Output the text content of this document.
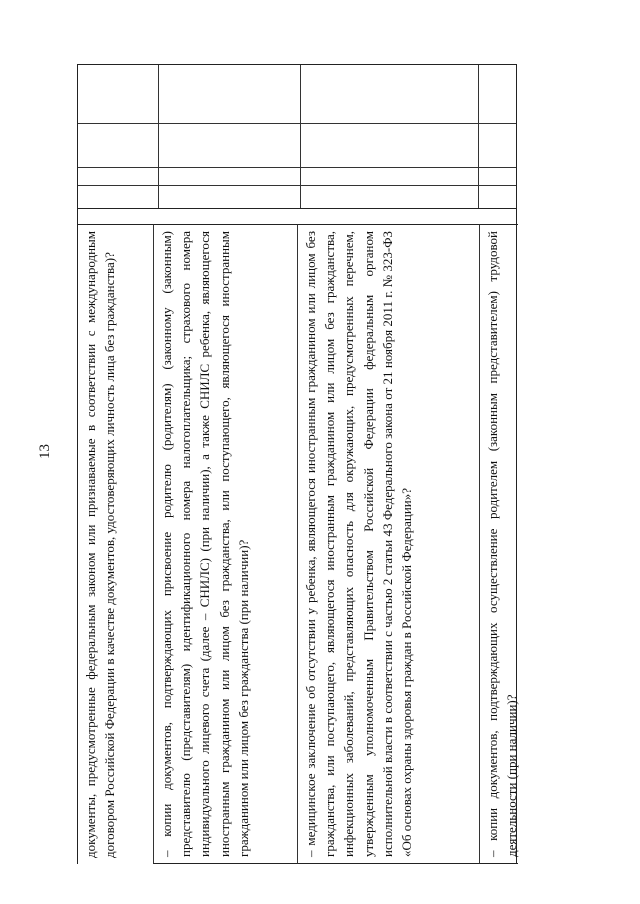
13 документы, предусмотренные федеральным законом или признаваемые в соответствии с международным договором Российской Федерации в качестве документов, удостоверяющих личность лица без гражданства)?	– копии документов, подтверждающих присвоение родителю (родителям) (законному (законным) представителю (представителям) идентификационного номера налогоплательщика; страхового номера индивидуального лицевого счета (далее – СНИЛС) (при наличии), а также СНИЛС ребенка, являющегося иностранным гражданином или лицом без гражданства, или поступающего, являющегося иностранным гражданином или лицом без гражданства (при наличии)?	– медицинское заключение об отсутствии у ребенка, являющегося иностранным гражданином или лицом без гражданства, или поступающего, являющегося иностранным гражданином или лицом без гражданства, инфекционных заболеваний, представляющих опасность для окружающих, предусмотренных перечнем, утвержденным уполномоченным Правительством Российской Федерации федеральным органом исполнительной власти в соответствии с частью 2 статьи 43 Федерального закона от 21 ноября 2011 г. № 323-ФЗ «Об основах охраны здоровья граждан в Российской Федерации»?	– копии документов, подтверждающих осуществление родителем (законным представителем) трудовой деятельности (при наличии)?
